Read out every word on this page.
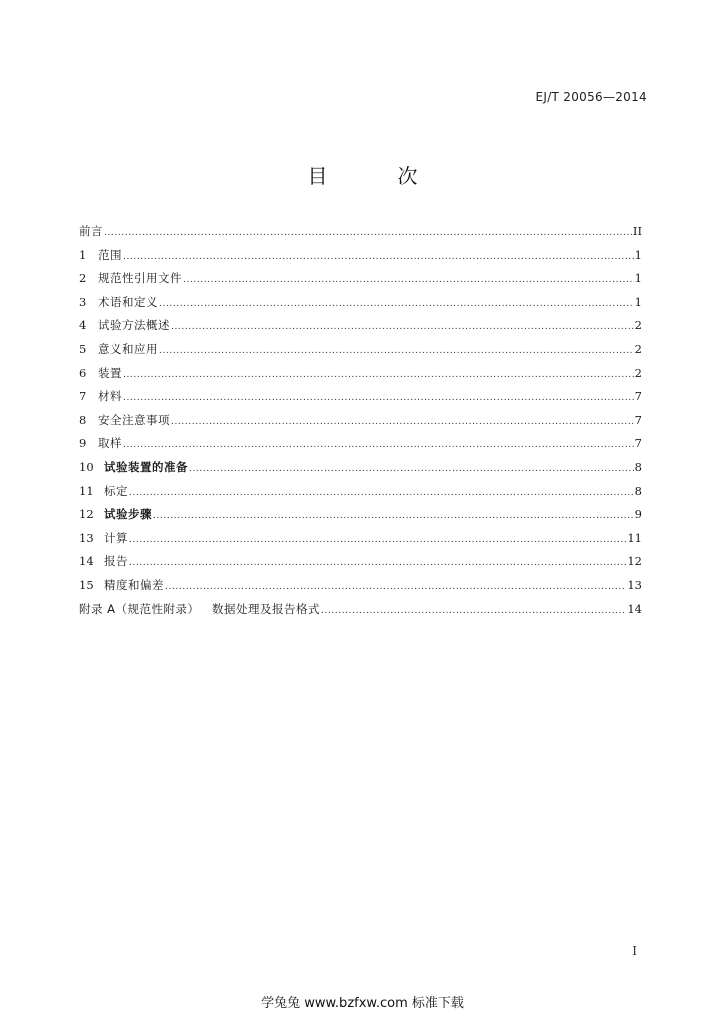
EJ/T 20056—2014
目	次
前言 .....	II
1	范围 .....	1
2	规范性引用文件 .....	1
3	术语和定义 .....	1
4	试验方法概述 .....	2
5	意义和应用 .....	2
6	装置 .....	2
7	材料 .....	7
8	安全注意事项 .....	7
9	取样 .....	7
10 试验装置的准备 .....	8
11 标定 .....	8
12 试验步骤 .....	9
13 计算 .....	11
14 报告 .....	12
15 精度和偏差 .....	13
附录 A（规范性附录）   数据处理及报告格式 .....	14
I
学兔兔 www.bzfxw.com 标准下载
